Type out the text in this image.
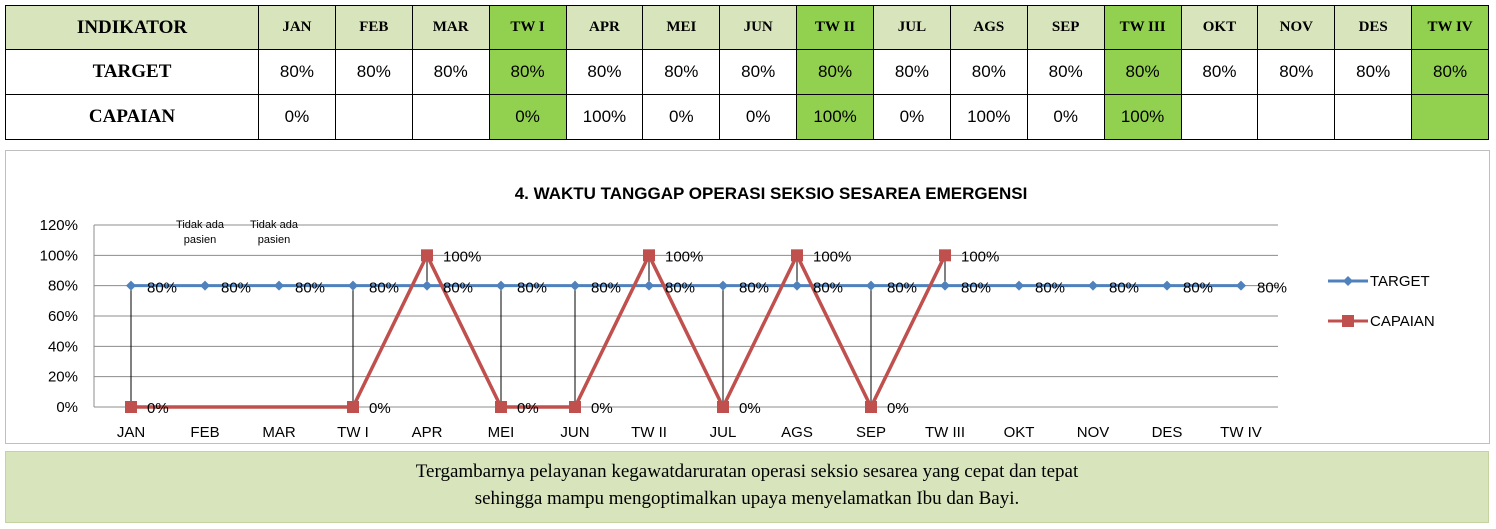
INDIKATOR	JAN	FEB	MAR	TW I	APR	MEI	JUN	TW II	JUL	AGS	SEP	TW III	OKT	NOV	DES	TW IV
TARGET	80%	80%	80%	80%	80%	80%	80%	80%	80%	80%	80%	80%	80%	80%	80%	80%
CAPAIAN	0%			0%	100%	0%	0%	100%	0%	100%	0%	100%				
4. WAKTU TANGGAP OPERASI SEKSIO SESAREA EMERGENSI
0%
20%
40%
60%
80%
100%
120%
JAN	FEB	MAR	TW I	APR	MEI	JUN	TW II	JUL	AGS	SEP	TW III	OKT	NOV	DES	TW IV
80%	80%	80%	80%	80%	80%	80%	80%	80%	80%	80%	80%	80%	80%	80%	80%
0%	0%
100%
0%	0%
100%
0%
100%
0%
100%
Tidak ada
pasien
Tidak ada
pasien
TARGET
CAPAIAN
Tergambarnya pelayanan kegawatdaruratan operasi seksio sesarea yang cepat dan tepat
sehingga mampu mengoptimalkan upaya menyelamatkan Ibu dan Bayi.
